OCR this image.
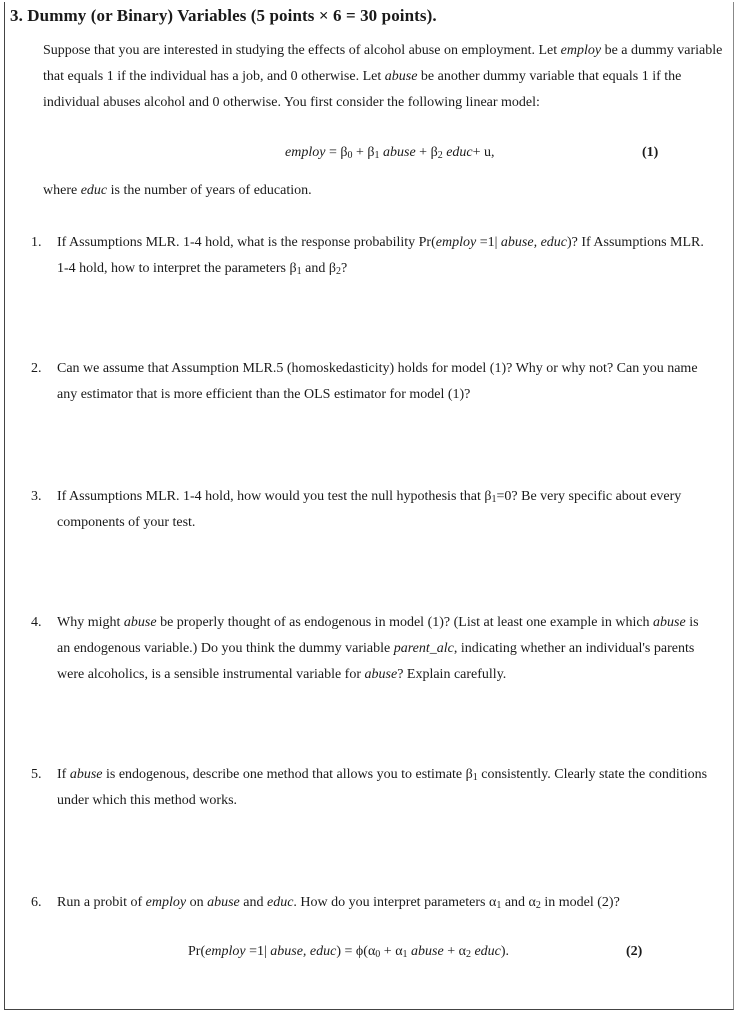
3. Dummy (or Binary) Variables (5 points × 6 = 30 points).
Suppose that you are interested in studying the effects of alcohol abuse on employment. Let employ be a dummy variable that equals 1 if the individual has a job, and 0 otherwise. Let abuse be another dummy variable that equals 1 if the individual abuses alcohol and 0 otherwise. You first consider the following linear model:
employ = $\beta_0 + \beta_1$ abuse + $\beta_2$ educ+ u,	(1)
where educ is the number of years of education.
1. If Assumptions MLR. 1-4 hold, what is the response probability Pr(employ =1| abuse, educ)? If Assumptions MLR. 1-4 hold, how to interpret the parameters $\beta_1$ and $\beta_2$?
2. Can we assume that Assumption MLR.5 (homoskedasticity) holds for model (1)? Why or why not? Can you name any estimator that is more efficient than the OLS estimator for model (1)?
3. If Assumptions MLR. 1-4 hold, how would you test the null hypothesis that $\beta_1=0$? Be very specific about every components of your test.
4. Why might abuse be properly thought of as endogenous in model (1)? (List at least one example in which abuse is an endogenous variable.) Do you think the dummy variable parent_alc, indicating whether an individual's parents were alcoholics, is a sensible instrumental variable for abuse? Explain carefully.
5. If abuse is endogenous, describe one method that allows you to estimate $\beta_1$ consistently. Clearly state the conditions under which this method works.
6. Run a probit of employ on abuse and educ. How do you interpret parameters $\alpha_1$ and $\alpha_2$ in model (2)?
Pr(employ =1| abuse, educ) = $\phi(\alpha_0 + \alpha_1$ abuse + $\alpha_2$ educ).	(2)
